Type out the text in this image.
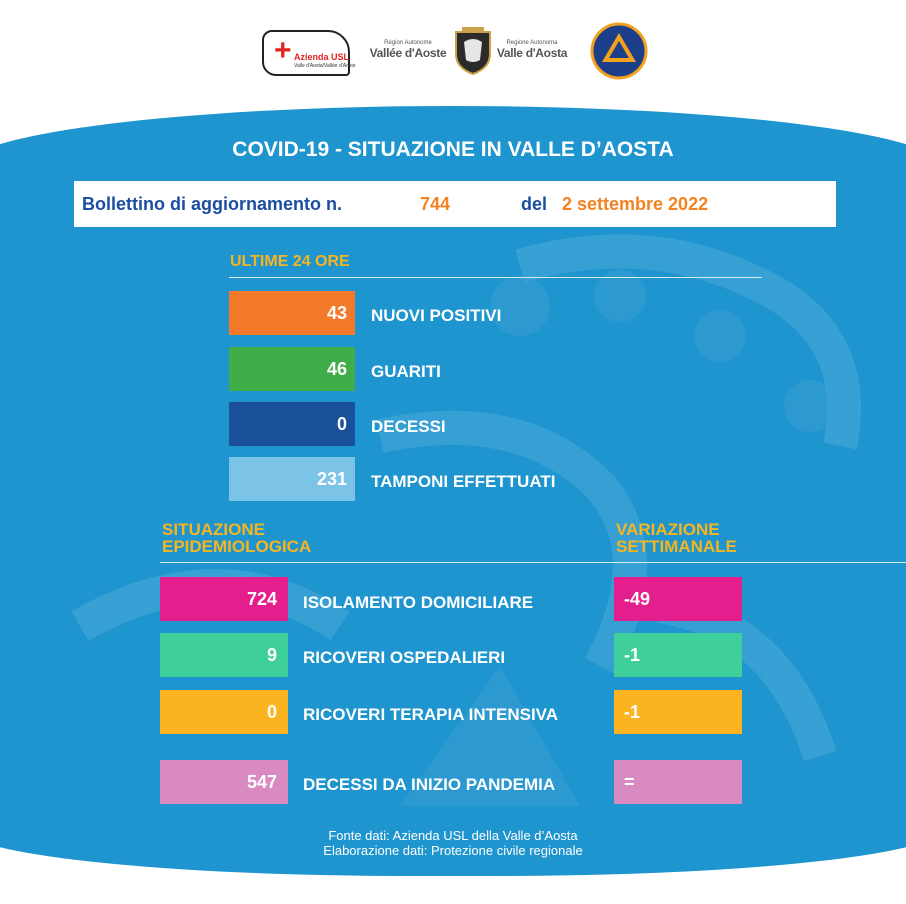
+ Azienda USL
Valle d'Aosta/Vallée d'Aoste
Région Autonome
Vallée d'Aoste
Regione Autonoma
Valle d'Aosta
COVID-19 - SITUAZIONE IN VALLE D’AOSTA
Bollettino di aggiornamento n.	744	del 2 settembre 2022
ULTIME 24 ORE
43	NUOVI POSITIVI
46	GUARITI
0	DECESSI
231	TAMPONI EFFETTUATI
SITUAZIONE
EPIDEMIOLOGICA
VARIAZIONE
SETTIMANALE
724	ISOLAMENTO DOMICILIARE	-49
9	RICOVERI OSPEDALIERI	-1
0	RICOVERI TERAPIA INTENSIVA	-1
547	DECESSI DA INIZIO PANDEMIA	=
Fonte dati: Azienda USL della Valle d’Aosta
Elaborazione dati: Protezione civile regionale
